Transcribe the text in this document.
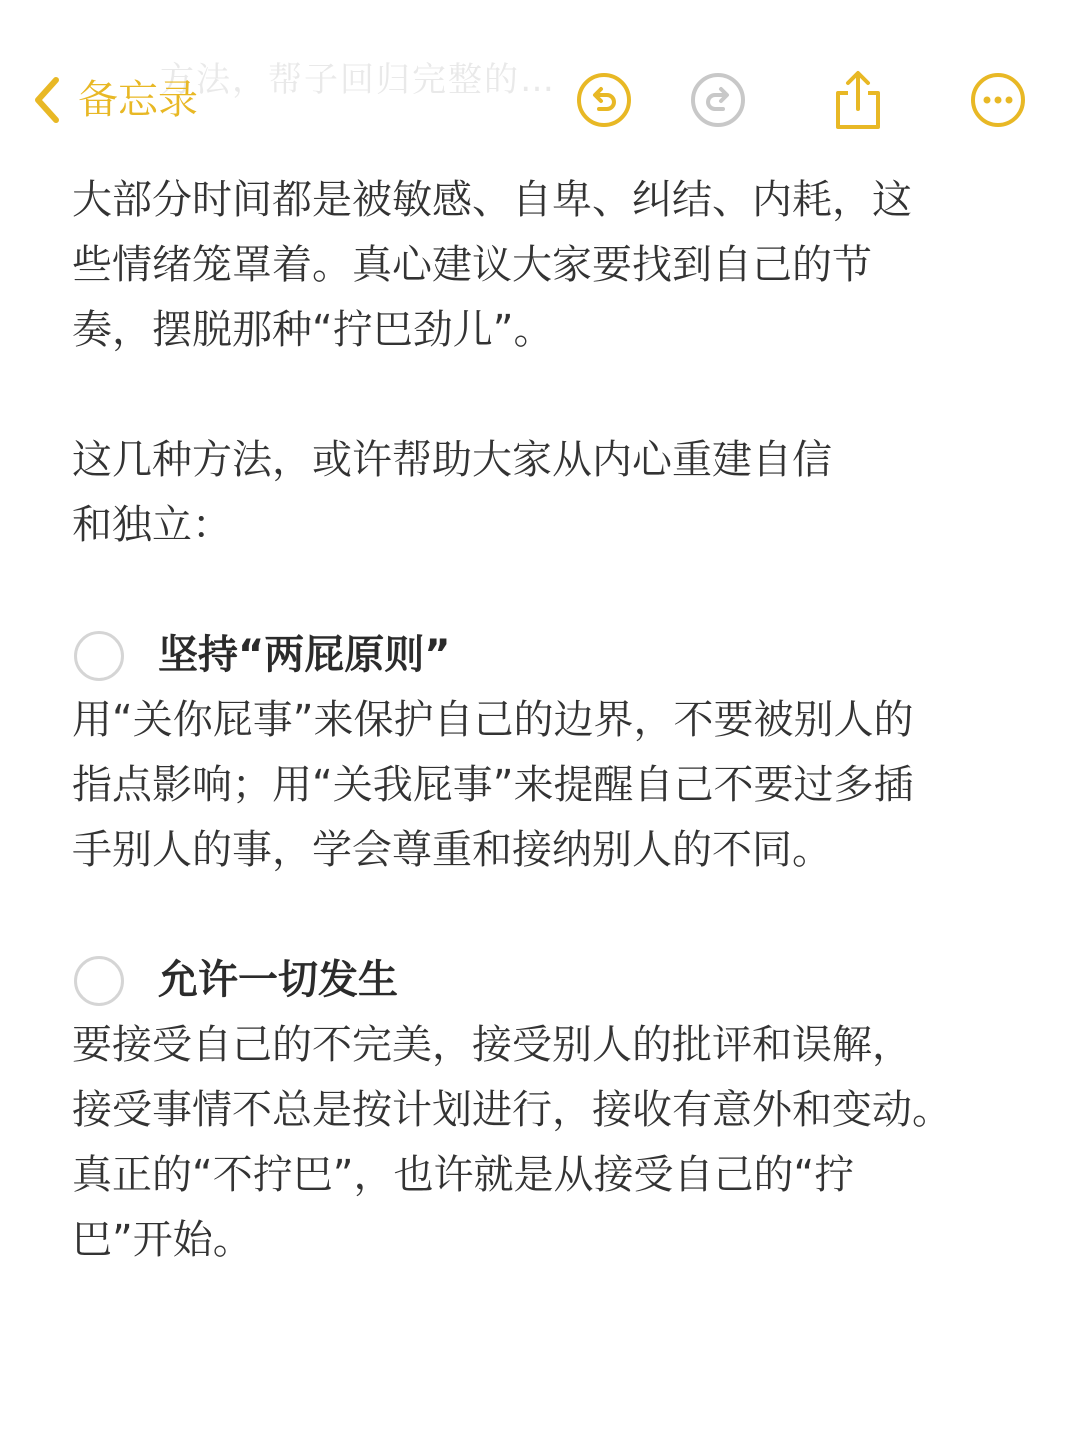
方法，帮子回归完整的…
备忘录

大部分时间都是被敏感、自卑、纠结、内耗，这
些情绪笼罩着。真心建议大家要找到自己的节
奏，摆脱那种“拧巴劲儿”。

这几种方法，或许帮助大家从内心重建自信
和独立：

坚持“两屁原则”

用“关你屁事”来保护自己的边界，不要被别人的
指点影响；用“关我屁事”来提醒自己不要过多插
手别人的事，学会尊重和接纳别人的不同。

允许一切发生

要接受自己的不完美，接受别人的批评和误解，
接受事情不总是按计划进行，接收有意外和变动。
真正的“不拧巴”，也许就是从接受自己的“拧
巴”开始。
